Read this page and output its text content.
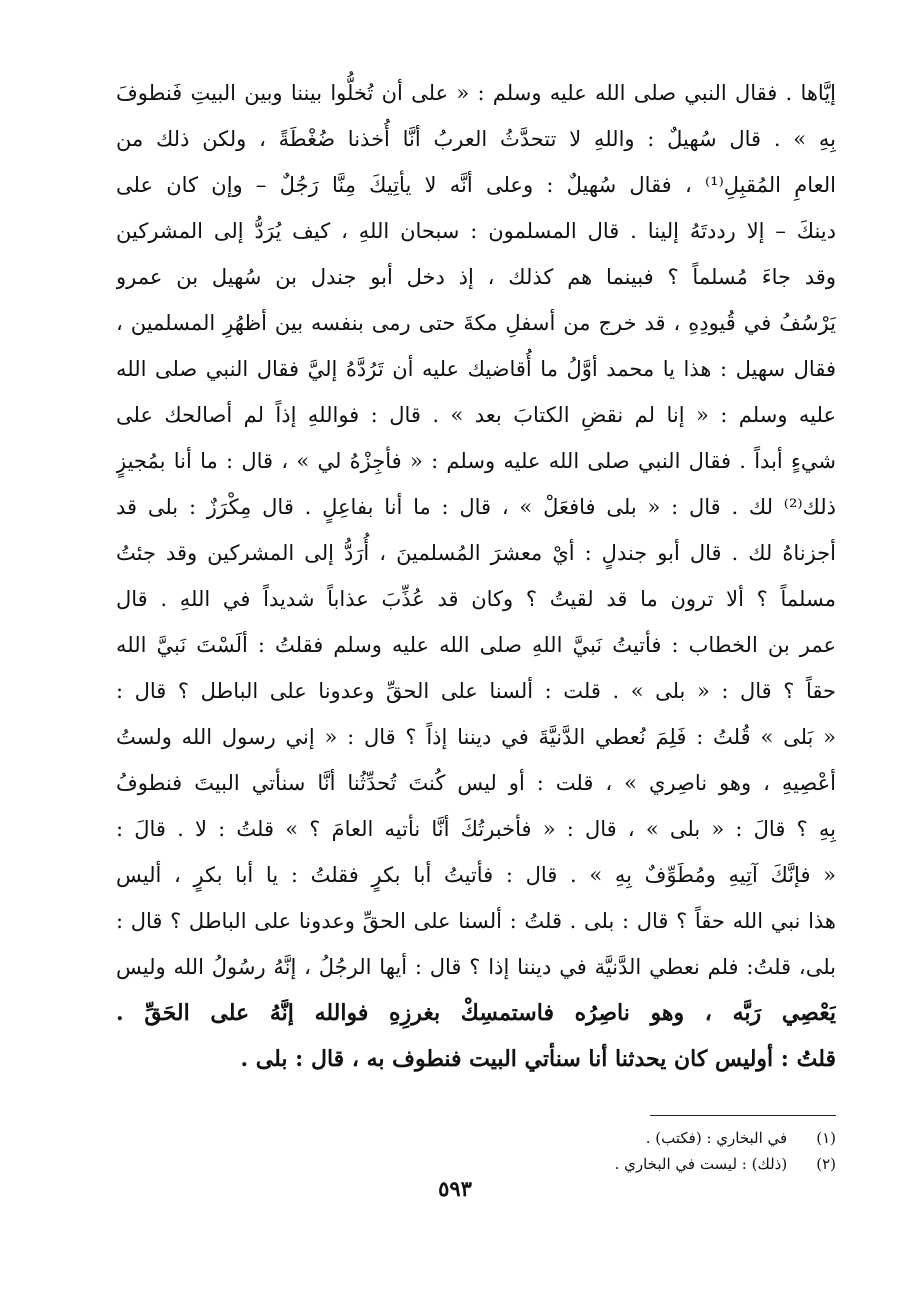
إيَّاها . فقال النبي صلى الله عليه وسلم : « على أن تُخلُّوا بيننا وبين البيتِ فَنطوفَ
بِهِ » . قال سُهيلٌ : واللهِ لا تتحدَّثُ العربُ أنَّا أُخذنا ضُغْطَةً ، ولكن ذلك من
العامِ المُقبِلِ⁽¹⁾ ، فقال سُهيلٌ : وعلى أنَّه لا يأتِيكَ مِنَّا رَجُلٌ – وإن كان على
دينكَ – إلا رددتَهُ إلينا . قال المسلمون : سبحان اللهِ ، كيف يُرَدُّ إلى المشركين
وقد جاءَ مُسلماً ؟ فبينما هم كذلك ، إذ دخل أبو جندل بن سُهيل بن عمرو
يَرْسُفُ في قُيودِهِ ، قد خرج من أسفلِ مكةَ حتى رمى بنفسه بين أظهُرِ المسلمين ،
فقال سهيل : هذا يا محمد أوَّلُ ما أُقاضيك عليه أن تَرُدَّهُ إليَّ فقال النبي صلى الله
عليه وسلم : « إنا لم نقضِ الكتابَ بعد » . قال : فواللهِ إذاً لم أصالحك على
شيءٍ أبداً . فقال النبي صلى الله عليه وسلم : « فأجِزْهُ لي » ، قال : ما أنا بمُجيزٍ
ذلك⁽²⁾ لك . قال : « بلى فافعَلْ » ، قال : ما أنا بفاعِلٍ . قال مِكْرَزٌ : بلى قد
أجزناهُ لك . قال أبو جندلٍ : أيْ معشرَ المُسلمينَ ، أُرَدُّ إلى المشركين وقد جئتُ
مسلماً ؟ ألا ترون ما قد لقيتُ ؟ وكان قد عُذِّبَ عذاباً شديداً في اللهِ . قال
عمر بن الخطاب : فأتيتُ نَبيَّ اللهِ صلى الله عليه وسلم فقلتُ : ألَسْتَ نَبيَّ الله
حقاً ؟ قال : « بلى » . قلت : ألسنا على الحقِّ وعدونا على الباطل ؟ قال :
« بَلى » قُلتُ : فَلِمَ نُعطي الدَّنيَّةَ في ديننا إذاً ؟ قال : « إني رسول الله ولستُ
أعْصِيهِ ، وهو ناصِري » ، قلت : أو ليس كُنتَ تُحدِّثُنا أنَّا سنأتي البيتَ فنطوفُ
بِهِ ؟ قالَ : « بلى » ، قال : « فأخبرتُكَ أنَّا نأتيه العامَ ؟ » قلتُ : لا . قالَ :
« فإنَّكَ آتِيهِ ومُطَوِّفٌ بِهِ » . قال : فأتيتُ أبا بكرٍ فقلتُ : يا أبا بكرٍ ، أليس
هذا نبي الله حقاً ؟ قال : بلى . قلتُ : ألسنا على الحقِّ وعدونا على الباطل ؟ قال :
بلى، قلتُ: فلم نعطي الدَّنيَّة في ديننا إذا ؟ قال : أيها الرجُلُ ، إنَّهُ رسُولُ الله وليس
يَعْصِي رَبَّه ، وهو ناصِرُه فاستمسِكْ بغرزِهِ فوالله إنَّهُ على الحَقِّ .
قلتُ : أوليس كان يحدثنا أنا سنأتي البيت فنطوف به ، قال : بلى .
(١) في البخاري : (فكتب) .
(٢) (ذلك) : ليست في البخاري .
٥٩٣
